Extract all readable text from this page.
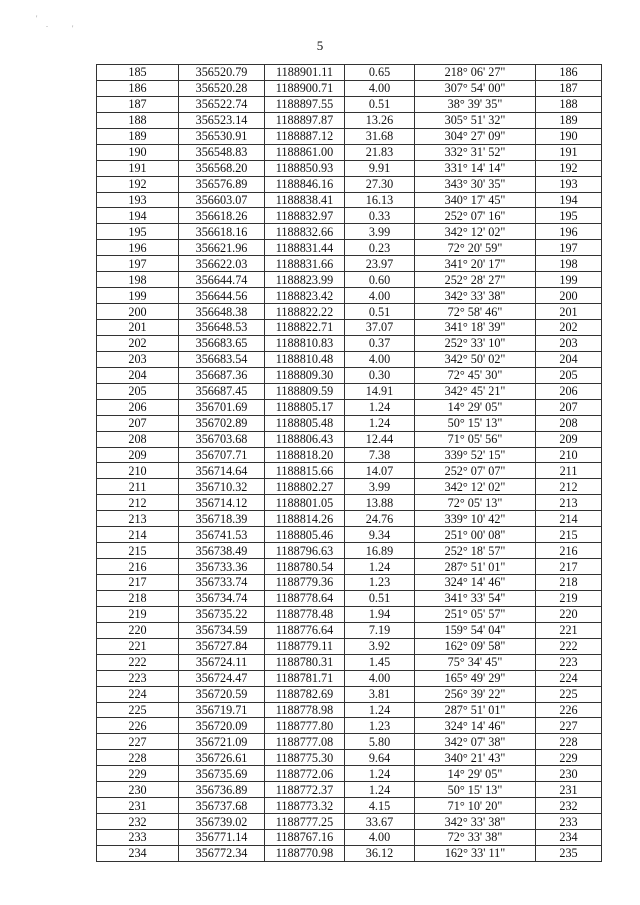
'
.	'
5
185	356520.79	1188901.11	0.65	218° 06' 27"	186
186	356520.28	1188900.71	4.00	307° 54' 00"	187
187	356522.74	1188897.55	0.51	38° 39' 35"	188
188	356523.14	1188897.87	13.26	305° 51' 32"	189
189	356530.91	1188887.12	31.68	304° 27' 09"	190
190	356548.83	1188861.00	21.83	332° 31' 52"	191
191	356568.20	1188850.93	9.91	331° 14' 14"	192
192	356576.89	1188846.16	27.30	343° 30' 35"	193
193	356603.07	1188838.41	16.13	340° 17' 45"	194
194	356618.26	1188832.97	0.33	252° 07' 16"	195
195	356618.16	1188832.66	3.99	342° 12' 02"	196
196	356621.96	1188831.44	0.23	72° 20' 59"	197
197	356622.03	1188831.66	23.97	341° 20' 17"	198
198	356644.74	1188823.99	0.60	252° 28' 27"	199
199	356644.56	1188823.42	4.00	342° 33' 38"	200
200	356648.38	1188822.22	0.51	72° 58' 46"	201
201	356648.53	1188822.71	37.07	341° 18' 39"	202
202	356683.65	1188810.83	0.37	252° 33' 10"	203
203	356683.54	1188810.48	4.00	342° 50' 02"	204
204	356687.36	1188809.30	0.30	72° 45' 30"	205
205	356687.45	1188809.59	14.91	342° 45' 21"	206
206	356701.69	1188805.17	1.24	14° 29' 05"	207
207	356702.89	1188805.48	1.24	50° 15' 13"	208
208	356703.68	1188806.43	12.44	71° 05' 56"	209
209	356707.71	1188818.20	7.38	339° 52' 15"	210
210	356714.64	1188815.66	14.07	252° 07' 07"	211
211	356710.32	1188802.27	3.99	342° 12' 02"	212
212	356714.12	1188801.05	13.88	72° 05' 13"	213
213	356718.39	1188814.26	24.76	339° 10' 42"	214
214	356741.53	1188805.46	9.34	251° 00' 08"	215
215	356738.49	1188796.63	16.89	252° 18' 57"	216
216	356733.36	1188780.54	1.24	287° 51' 01"	217
217	356733.74	1188779.36	1.23	324° 14' 46"	218
218	356734.74	1188778.64	0.51	341° 33' 54"	219
219	356735.22	1188778.48	1.94	251° 05' 57"	220
220	356734.59	1188776.64	7.19	159° 54' 04"	221
221	356727.84	1188779.11	3.92	162° 09' 58"	222
222	356724.11	1188780.31	1.45	75° 34' 45"	223
223	356724.47	1188781.71	4.00	165° 49' 29"	224
224	356720.59	1188782.69	3.81	256° 39' 22"	225
225	356719.71	1188778.98	1.24	287° 51' 01"	226
226	356720.09	1188777.80	1.23	324° 14' 46"	227
227	356721.09	1188777.08	5.80	342° 07' 38"	228
228	356726.61	1188775.30	9.64	340° 21' 43"	229
229	356735.69	1188772.06	1.24	14° 29' 05"	230
230	356736.89	1188772.37	1.24	50° 15' 13"	231
231	356737.68	1188773.32	4.15	71° 10' 20"	232
232	356739.02	1188777.25	33.67	342° 33' 38"	233
233	356771.14	1188767.16	4.00	72° 33' 38"	234
234	356772.34	1188770.98	36.12	162° 33' 11"	235
